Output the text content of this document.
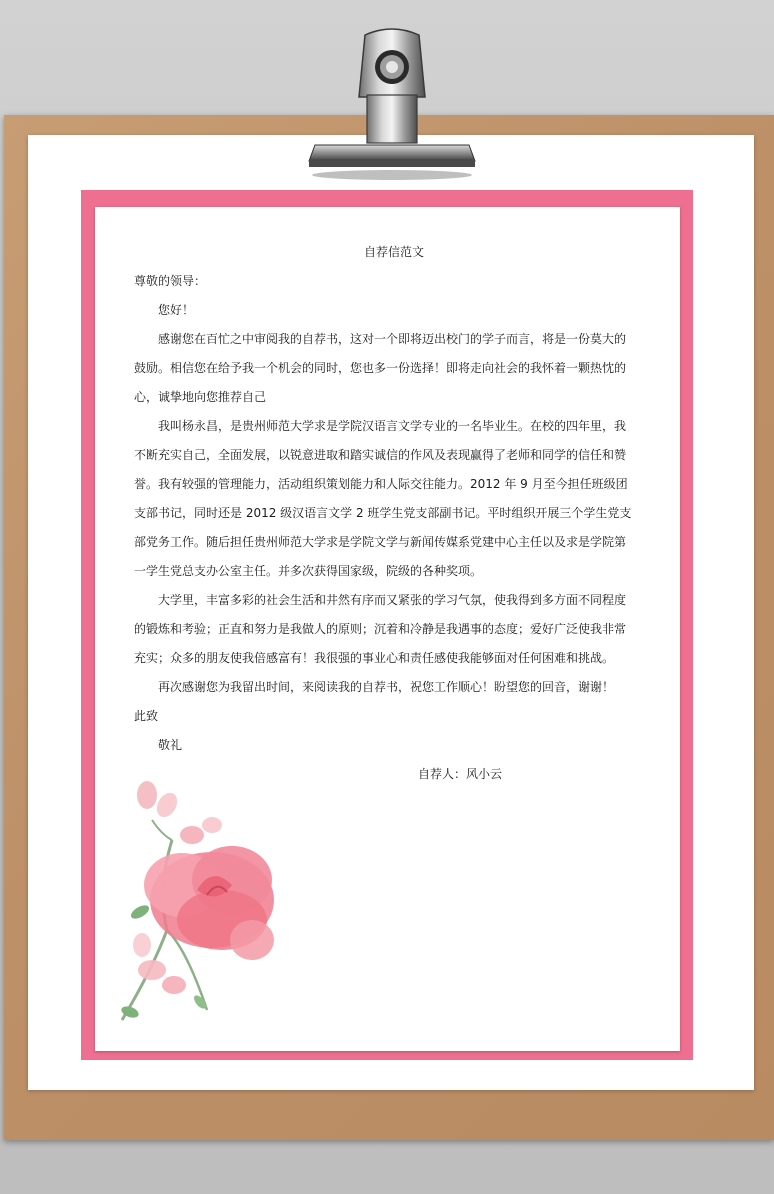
自荐信范文

尊敬的领导：

您好！

感谢您在百忙之中审阅我的自荐书，这对一个即将迈出校门的学子而言，将是一份莫大的鼓励。相信您在给予我一个机会的同时，您也多一份选择！即将走向社会的我怀着一颗热忱的心，诚挚地向您推荐自己

我叫杨永昌，是贵州师范大学求是学院汉语言文学专业的一名毕业生。在校的四年里，我不断充实自己，全面发展，以锐意进取和踏实诚信的作风及表现赢得了老师和同学的信任和赞誉。我有较强的管理能力，活动组织策划能力和人际交往能力。2012 年 9 月至今担任班级团支部书记，同时还是 2012 级汉语言文学 2 班学生党支部副书记。平时组织开展三个学生党支部党务工作。随后担任贵州师范大学求是学院文学与新闻传媒系党建中心主任以及求是学院第一学生党总支办公室主任。并多次获得国家级，院级的各种奖项。

大学里，丰富多彩的社会生活和井然有序而又紧张的学习气氛，使我得到多方面不同程度的锻炼和考验；正直和努力是我做人的原则；沉着和冷静是我遇事的态度；爱好广泛使我非常充实；众多的朋友使我倍感富有！我很强的事业心和责任感使我能够面对任何困难和挑战。

再次感谢您为我留出时间，来阅读我的自荐书，祝您工作顺心！盼望您的回音，谢谢！

此致

敬礼

自荐人：风小云
